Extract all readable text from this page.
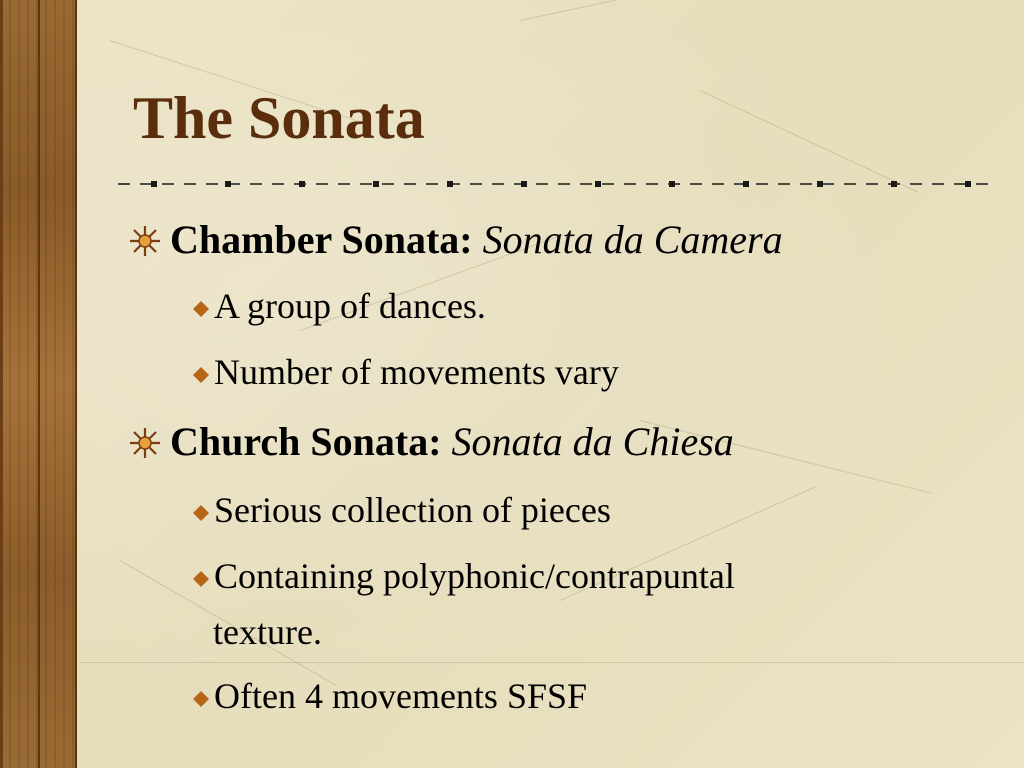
The Sonata
Chamber Sonata: Sonata da Camera
A group of dances.
Number of movements vary
Church Sonata: Sonata da Chiesa
Serious collection of pieces
Containing polyphonic/contrapuntal
texture.
Often 4 movements SFSF
